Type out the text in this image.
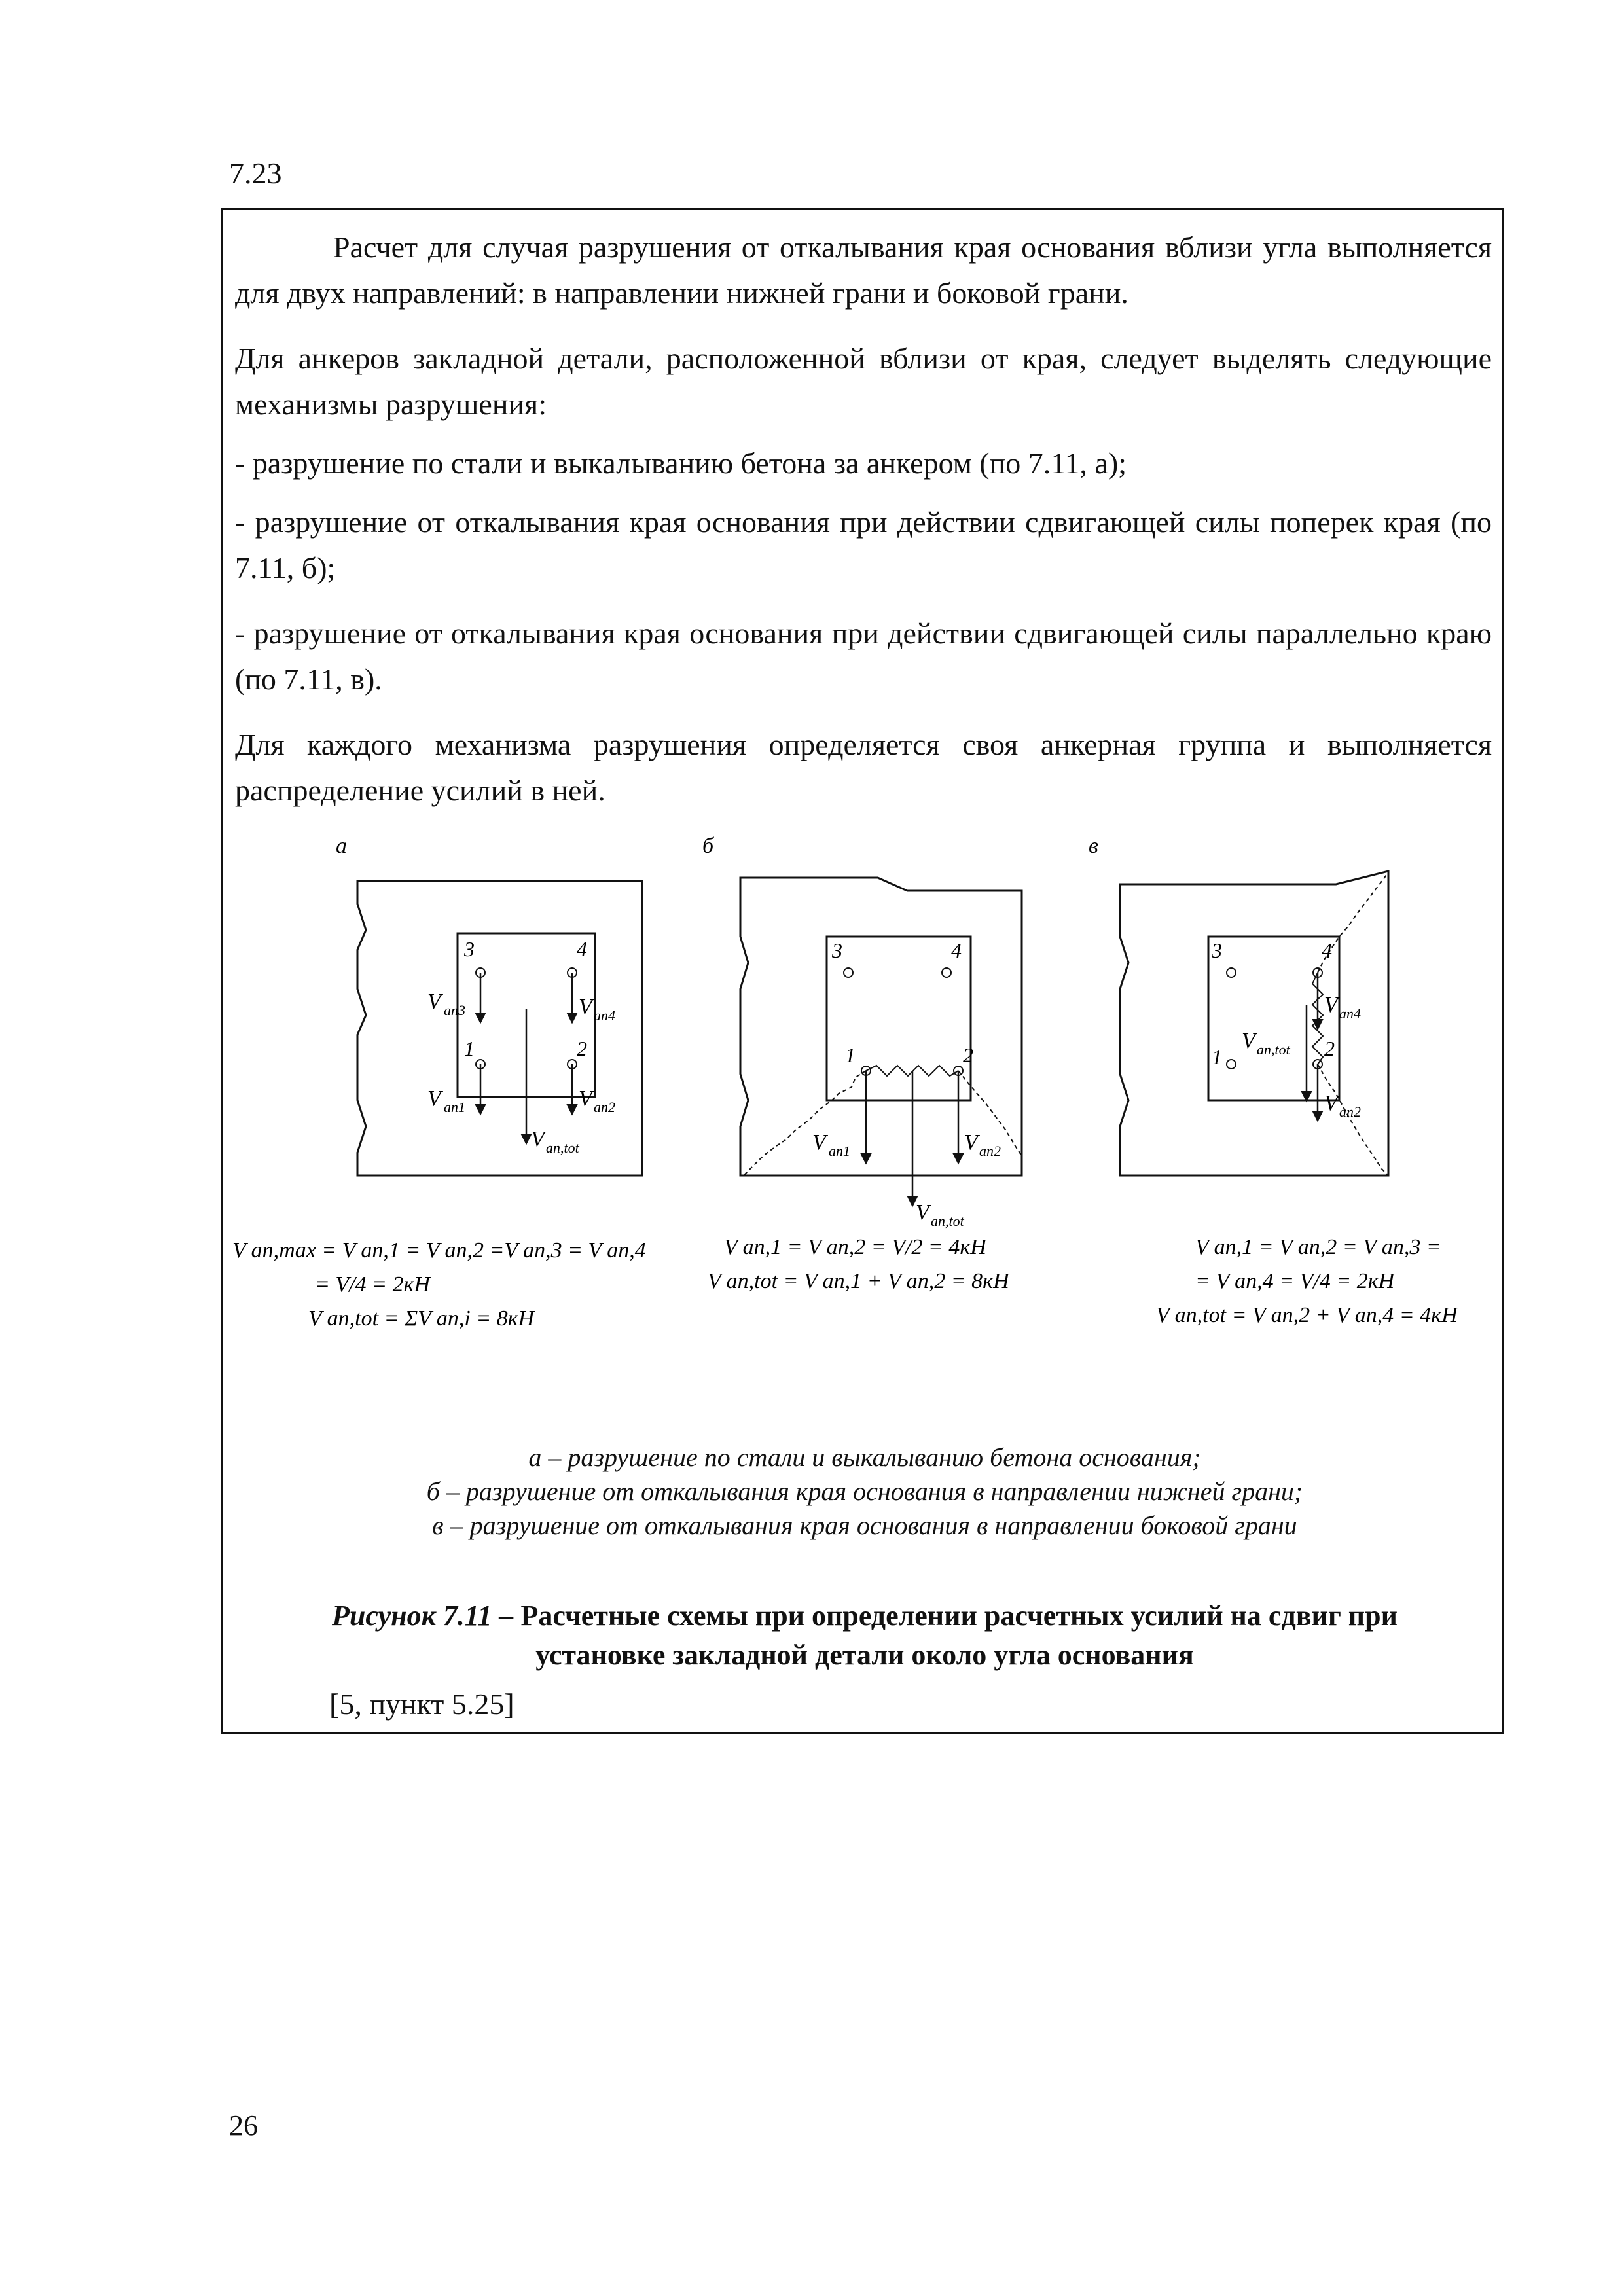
7.23
Расчет для случая разрушения от откалывания края основания вблизи угла выполняется для двух направлений: в направлении нижней грани и боковой грани.
Для анкеров закладной детали, расположенной вблизи от края, следует выделять следующие механизмы разрушения:
- разрушение по стали и выкалыванию бетона за анкером (по 7.11, а);
- разрушение от откалывания края основания при действии сдвигающей силы поперек края (по 7.11, б);
- разрушение от откалывания края основания при действии сдвигающей силы параллельно краю (по 7.11, в).
Для каждого механизма разрушения определяется своя анкерная группа и выполняется распределение усилий в ней.
а
3	4
1	2
V an3	V an4
V an1	V an2
V an,tot
б
3	4
1	2
V an1	V an2
V an,tot
в
3	4
1	2
V an4
V an,tot
V an2
V an,max = V an,1 = V an,2 =V an,3 = V an,4
= V/4 = 2кН
V an,tot = ΣV an,i = 8кН
V an,1 = V an,2 = V/2 = 4кН
V an,tot = V an,1 + V an,2 = 8кН
V an,1 = V an,2 = V an,3 =
= V an,4 = V/4 = 2кН
V an,tot = V an,2 + V an,4 = 4кН
а – разрушение по стали и выкалыванию бетона основания;
б – разрушение от откалывания края основания в направлении нижней грани;
в – разрушение от откалывания края основания в направлении боковой грани
Рисунок 7.11 – Расчетные схемы при определении расчетных усилий на сдвиг при
установке закладной детали около угла основания
[5, пункт 5.25]
26
